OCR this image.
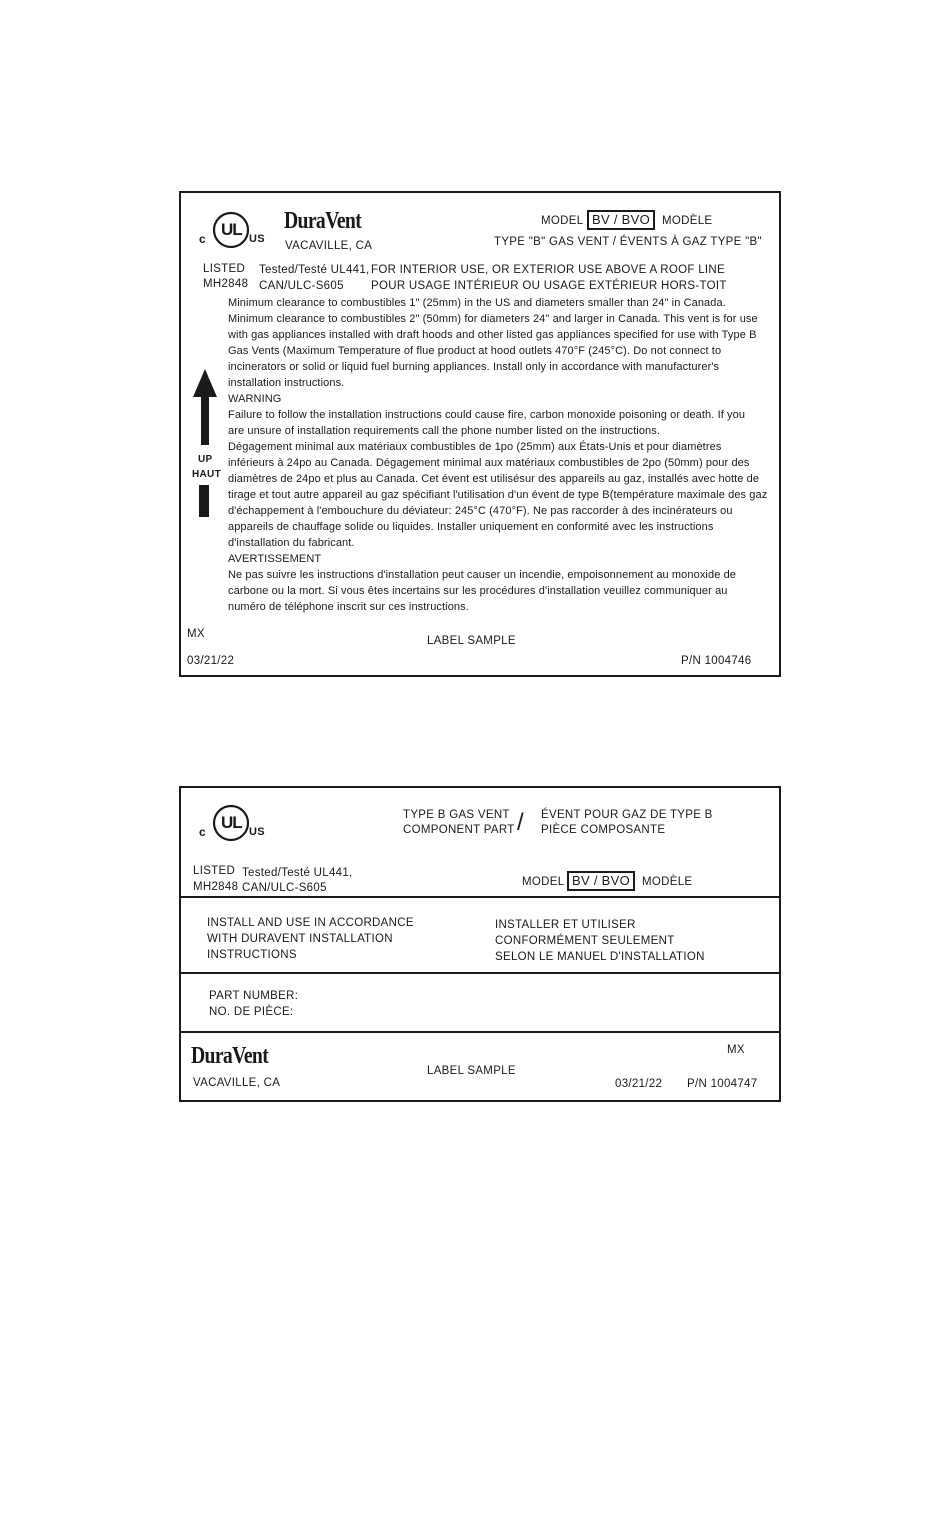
c UL US
DuraVent
VACAVILLE, CA
MODEL BV / BVO	MODÈLE
TYPE "B" GAS VENT / ÉVENTS À GAZ TYPE "B"
LISTED
MH2848
Tested/Testé UL441,
CAN/ULC-S605
FOR INTERIOR USE, OR EXTERIOR USE ABOVE A ROOF LINE
POUR USAGE INTÉRIEUR OU USAGE EXTÉRIEUR HORS-TOIT
UP
HAUT

Minimum clearance to combustibles 1" (25mm) in the US and diameters smaller than 24" in Canada.

Minimum clearance to combustibles 2" (50mm) for diameters 24" and larger in Canada. This vent is for use

with gas appliances installed with draft hoods and other listed gas appliances specified for use with Type B

Gas Vents (Maximum Temperature of flue product at hood outlets 470°F (245°C). Do not connect to

incinerators or solid or liquid fuel burning appliances. Install only in accordance with manufacturer's

installation instructions.

WARNING

Failure to follow the installation instructions could cause fire, carbon monoxide poisoning or death. If you

are unsure of installation requirements call the phone number listed on the instructions.

Dégagement minimal aux matériaux combustibles de 1po (25mm) aux États-Unis et pour diamètres

inférieurs à 24po au Canada. Dégagement minimal aux matériaux combustibles de 2po (50mm) pour des

diamètres de 24po et plus au Canada. Cet évent est utilisésur des appareils au gaz, installés avec hotte de

tirage et tout autre appareil au gaz spécifiant l'utilisation d'un évent de type B(température maximale des gaz

d'échappement à l'embouchure du déviateur: 245°C (470°F). Ne pas raccorder à des incinérateurs ou

appareils de chauffage solide ou liquides. Installer uniquement en conformité avec les instructions

d'installation du fabricant.

AVERTISSEMENT

Ne pas suivre les instructions d'installation peut causer un incendie, empoisonnement au monoxide de

carbone ou la mort. Si vous êtes incertains sur les procédures d'installation veuillez communiquer au

numéro de téléphone inscrit sur ces instructions.

MX
LABEL SAMPLE
03/21/22	P/N 1004746
c UL US
TYPE B GAS VENT
COMPONENT PART / ÉVENT POUR GAZ DE TYPE B
PIÈCE COMPOSANTE
LISTED
MH2848
Tested/Testé UL441,
CAN/ULC-S605	MODEL BV / BVO	MODÈLE
INSTALL AND USE IN ACCORDANCE
WITH DURAVENT INSTALLATION
INSTRUCTIONS
INSTALLER ET UTILISER
CONFORMÉMENT SEULEMENT
SELON LE MANUEL D'INSTALLATION
PART NUMBER:
NO. DE PIÈCE:
DuraVent
VACAVILLE, CA
LABEL SAMPLE
MX
03/21/22 P/N 1004747
